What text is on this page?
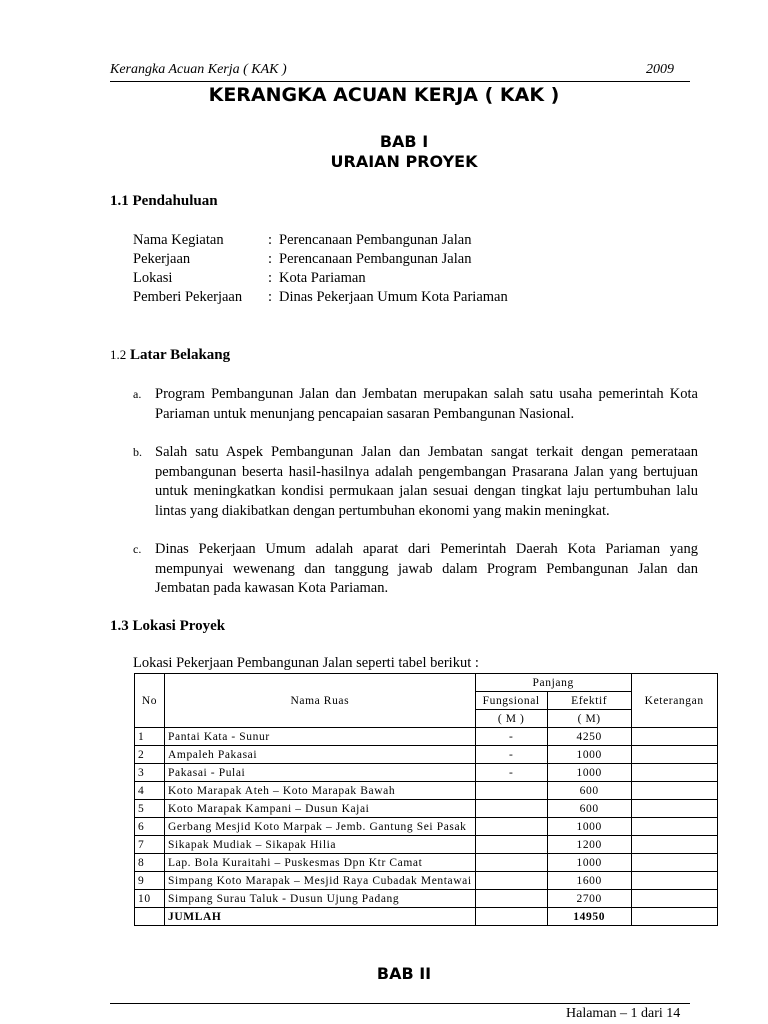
Kerangka Acuan Kerja ( KAK )	2009
KERANGKA ACUAN KERJA ( KAK )
BAB I
URAIAN PROYEK
1.1 Pendahuluan
Nama Kegiatan	: Perencanaan Pembangunan Jalan
Pekerjaan	: Perencanaan Pembangunan Jalan
Lokasi	: Kota Pariaman
Pemberi Pekerjaan : Dinas Pekerjaan Umum Kota Pariaman
1.2 Latar Belakang
a. Program Pembangunan Jalan dan Jembatan merupakan salah satu usaha pemerintah Kota Pariaman untuk menunjang pencapaian sasaran Pembangunan Nasional.
b. Salah satu Aspek Pembangunan Jalan dan Jembatan sangat terkait dengan pemerataan pembangunan beserta hasil-hasilnya adalah pengembangan Prasarana Jalan yang bertujuan untuk meningkatkan kondisi permukaan jalan sesuai dengan tingkat laju pertumbuhan lalu lintas yang diakibatkan dengan pertumbuhan ekonomi yang makin meningkat.
c. Dinas Pekerjaan Umum adalah aparat dari Pemerintah Daerah Kota Pariaman yang mempunyai wewenang dan tanggung jawab dalam Program Pembangunan Jalan dan Jembatan pada kawasan Kota Pariaman.
1.3 Lokasi Proyek
Lokasi Pekerjaan Pembangunan Jalan seperti tabel berikut :
No	Nama Ruas	Panjang		Keterangan
		Fungsional	Efektif	
		( M )	( M)	
1	Pantai Kata - Sunur	-	4250	
2	Ampaleh Pakasai	-	1000	
3	Pakasai - Pulai	-	1000	
4	Koto Marapak Ateh – Koto Marapak Bawah		600	
5	Koto Marapak Kampani – Dusun Kajai		600	
6	Gerbang Mesjid Koto Marpak – Jemb. Gantung Sei Pasak		1000	
7	Sikapak Mudiak – Sikapak Hilia		1200	
8	Lap. Bola Kuraitahi – Puskesmas Dpn Ktr Camat		1000	
9	Simpang Koto Marapak – Mesjid Raya Cubadak Mentawai		1600	
10	Simpang Surau Taluk - Dusun Ujung Padang		2700	
	JUMLAH		14950	
BAB II
Halaman – 1 dari 14
